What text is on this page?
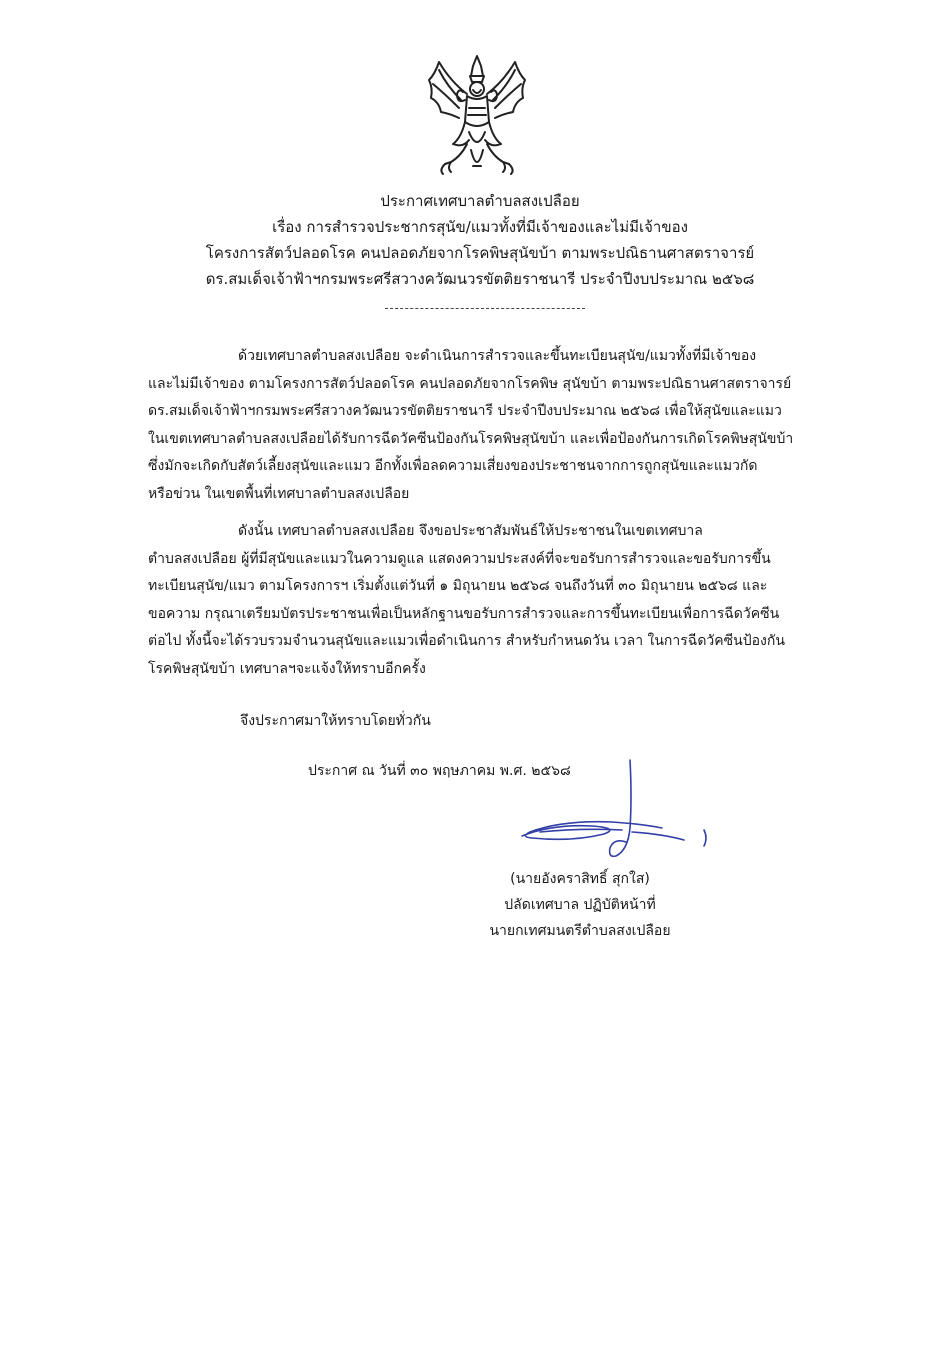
ประกาศเทศบาลตำบลสงเปลือย
เรื่อง การสำรวจประชากรสุนัข/แมวทั้งที่มีเจ้าของและไม่มีเจ้าของ
โครงการสัตว์ปลอดโรค คนปลอดภัยจากโรคพิษสุนัขบ้า ตามพระปณิธานศาสตราจารย์
ดร.สมเด็จเจ้าฟ้าฯกรมพระศรีสวางควัฒนวรขัตติยราชนารี ประจำปีงบประมาณ ๒๕๖๘
ด้วยเทศบาลตำบลสงเปลือย จะดำเนินการสำรวจและขึ้นทะเบียนสุนัข/แมวทั้งที่มีเจ้าของ
และไม่มีเจ้าของ ตามโครงการสัตว์ปลอดโรค คนปลอดภัยจากโรคพิษ สุนัขบ้า ตามพระปณิธานศาสตราจารย์
ดร.สมเด็จเจ้าฟ้าฯกรมพระศรีสวางควัฒนวรขัตติยราชนารี ประจำปีงบประมาณ ๒๕๖๘ เพื่อให้สุนัขและแมว
ในเขตเทศบาลตำบลสงเปลือยได้รับการฉีดวัคซีนป้องกันโรคพิษสุนัขบ้า และเพื่อป้องกันการเกิดโรคพิษสุนัขบ้า
ซึ่งมักจะเกิดกับสัตว์เลี้ยงสุนัขและแมว อีกทั้งเพื่อลดความเสี่ยงของประชาชนจากการถูกสุนัขและแมวกัด
หรือข่วน ในเขตพื้นที่เทศบาลตำบลสงเปลือย
ดังนั้น เทศบาลตำบลสงเปลือย จึงขอประชาสัมพันธ์ให้ประชาชนในเขตเทศบาล
ตำบลสงเปลือย ผู้ที่มีสุนัขและแมวในความดูแล แสดงความประสงค์ที่จะขอรับการสำรวจและขอรับการขึ้น
ทะเบียนสุนัข/แมว ตามโครงการฯ เริ่มตั้งแต่วันที่ ๑ มิถุนายน ๒๕๖๘ จนถึงวันที่ ๓๐ มิถุนายน ๒๕๖๘ และ
ขอความ กรุณาเตรียมบัตรประชาชนเพื่อเป็นหลักฐานขอรับการสำรวจและการขึ้นทะเบียนเพื่อการฉีดวัคซีน
ต่อไป ทั้งนี้จะได้รวบรวมจำนวนสุนัขและแมวเพื่อดำเนินการ สำหรับกำหนดวัน เวลา ในการฉีดวัคซีนป้องกัน
โรคพิษสุนัขบ้า เทศบาลฯจะแจ้งให้ทราบอีกครั้ง
จึงประกาศมาให้ทราบโดยทั่วกัน
ประกาศ ณ วันที่ ๓๐ พฤษภาคม พ.ศ. ๒๕๖๘
(นายอังคราสิทธิ์ สุกใส)
ปลัดเทศบาล ปฏิบัติหน้าที่
นายกเทศมนตรีตำบลสงเปลือย
